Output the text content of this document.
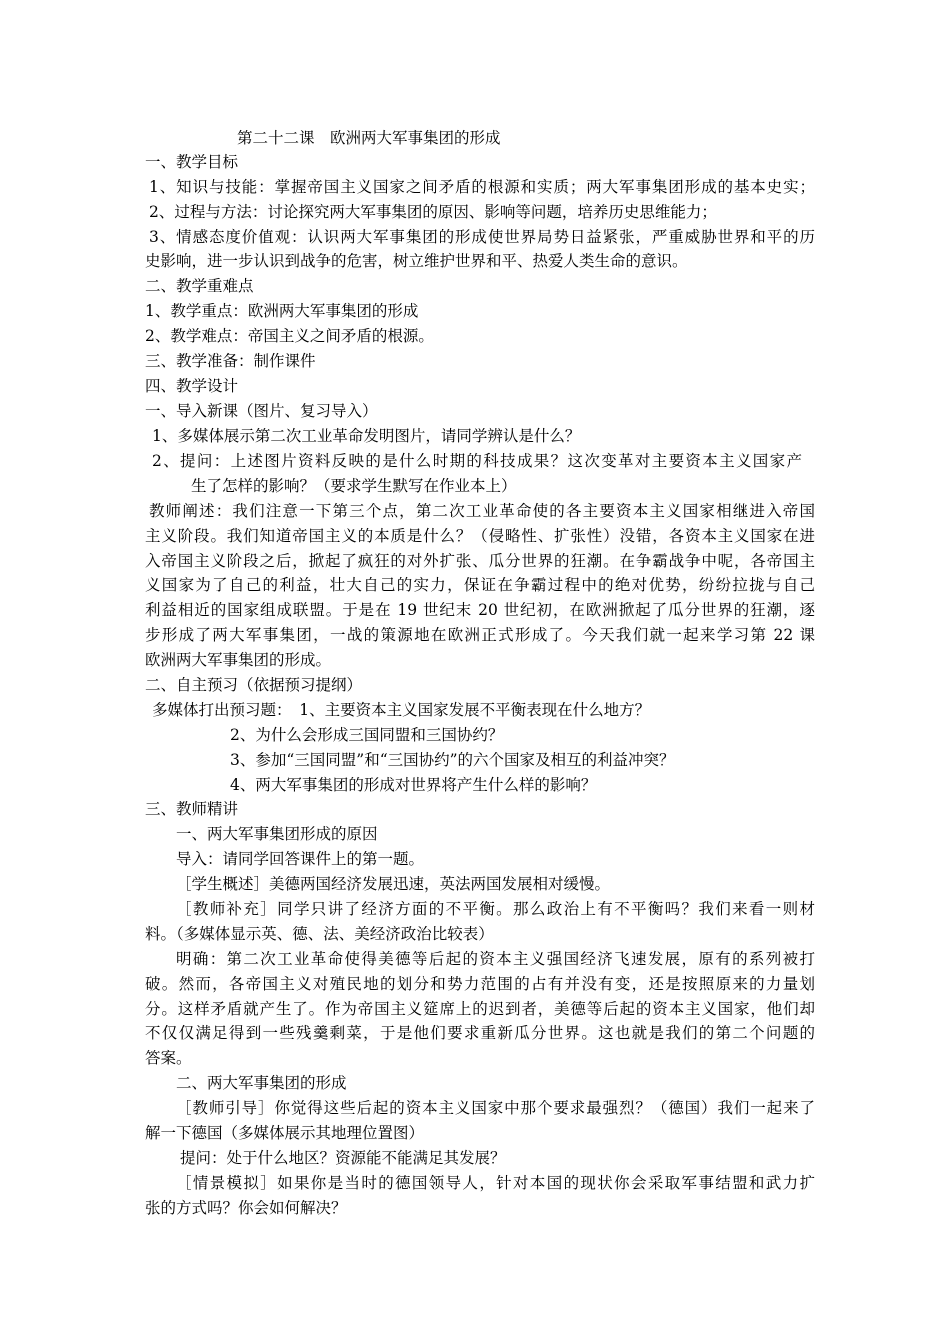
第二十二课　欧洲两大军事集团的形成
一、教学目标
1、知识与技能：掌握帝国主义国家之间矛盾的根源和实质；两大军事集团形成的基本史实；
2、过程与方法：讨论探究两大军事集团的原因、影响等问题，培养历史思维能力；
3、情感态度价值观：认识两大军事集团的形成使世界局势日益紧张，严重威胁世界和平的历
史影响，进一步认识到战争的危害，树立维护世界和平、热爱人类生命的意识。
二、教学重难点
1、教学重点：欧洲两大军事集团的形成
2、教学难点：帝国主义之间矛盾的根源。
三、教学准备：制作课件
四、教学设计
一、导入新课（图片、复习导入）
1、多媒体展示第二次工业革命发明图片，请同学辨认是什么？
2、提问：上述图片资料反映的是什么时期的科技成果？这次变革对主要资本主义国家产
生了怎样的影响？（要求学生默写在作业本上）
教师阐述：我们注意一下第三个点，第二次工业革命使的各主要资本主义国家相继进入帝国
主义阶段。我们知道帝国主义的本质是什么？（侵略性、扩张性）没错，各资本主义国家在进
入帝国主义阶段之后，掀起了疯狂的对外扩张、瓜分世界的狂潮。在争霸战争中呢，各帝国主
义国家为了自己的利益，壮大自己的实力，保证在争霸过程中的绝对优势，纷纷拉拢与自己
利益相近的国家组成联盟。于是在 19 世纪末 20 世纪初，在欧洲掀起了瓜分世界的狂潮，逐
步形成了两大军事集团，一战的策源地在欧洲正式形成了。今天我们就一起来学习第 22 课
欧洲两大军事集团的形成。
二、自主预习（依据预习提纲）
多媒体打出预习题：　1、主要资本主义国家发展不平衡表现在什么地方？
2、为什么会形成三国同盟和三国协约？
3、参加“三国同盟”和“三国协约”的六个国家及相互的利益冲突？
4、两大军事集团的形成对世界将产生什么样的影响？
三、教师精讲
一、两大军事集团形成的原因
导入：请同学回答课件上的第一题。
［学生概述］美德两国经济发展迅速，英法两国发展相对缓慢。
［教师补充］同学只讲了经济方面的不平衡。那么政治上有不平衡吗？我们来看一则材
料。（多媒体显示英、德、法、美经济政治比较表）
明确：第二次工业革命使得美德等后起的资本主义强国经济飞速发展，原有的系列被打
破。然而，各帝国主义对殖民地的划分和势力范围的占有并没有变，还是按照原来的力量划
分。这样矛盾就产生了。作为帝国主义筵席上的迟到者，美德等后起的资本主义国家，他们却
不仅仅满足得到一些残羹剩菜，于是他们要求重新瓜分世界。这也就是我们的第二个问题的
答案。
二、两大军事集团的形成
［教师引导］你觉得这些后起的资本主义国家中那个要求最强烈？（德国）我们一起来了
解一下德国（多媒体展示其地理位置图）
提问：处于什么地区？资源能不能满足其发展？
［情景模拟］如果你是当时的德国领导人，针对本国的现状你会采取军事结盟和武力扩
张的方式吗？你会如何解决？
